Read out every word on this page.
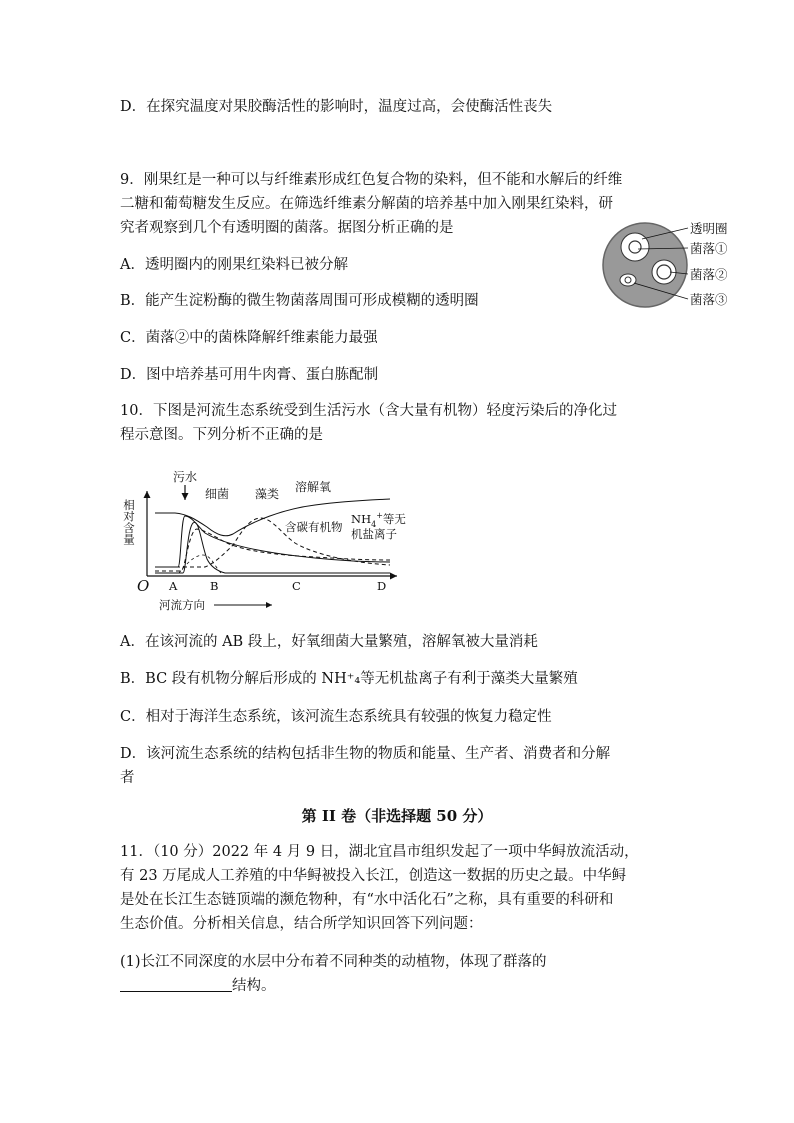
D．在探究温度对果胶酶活性的影响时，温度过高，会使酶活性丧失
9．刚果红是一种可以与纤维素形成红色复合物的染料，但不能和水解后的纤维
二糖和葡萄糖发生反应。在筛选纤维素分解菌的培养基中加入刚果红染料，研
究者观察到几个有透明圈的菌落。据图分析正确的是
A．透明圈内的刚果红染料已被分解
B．能产生淀粉酶的微生物菌落周围可形成模糊的透明圈
C．菌落②中的菌株降解纤维素能力最强
D．图中培养基可用牛肉膏、蛋白胨配制
透明圈
菌落①
菌落②
菌落③
10．下图是河流生态系统受到生活污水（含大量有机物）轻度污染后的净化过
程示意图。下列分析不正确的是
O
相对含量
A	B	C	D
河流方向
污水
细菌 藻类 溶解氧
含碳有机物
$NH_4^+$等无
机盐离子
A．在该河流的 AB 段上，好氧细菌大量繁殖，溶解氧被大量消耗
B．BC 段有机物分解后形成的 NH⁺₄等无机盐离子有利于藻类大量繁殖
C．相对于海洋生态系统，该河流生态系统具有较强的恢复力稳定性
D．该河流生态系统的结构包括非生物的物质和能量、生产者、消费者和分解
者
第 II 卷（非选择题 50 分）
11．（10 分）2022 年 4 月 9 日，湖北宜昌市组织发起了一项中华鲟放流活动，
有 23 万尾成人工养殖的中华鲟被投入长江，创造这一数据的历史之最。中华鲟
是处在长江生态链顶端的濒危物种，有“水中活化石”之称，具有重要的科研和
生态价值。分析相关信息，结合所学知识回答下列问题：
(1)长江不同深度的水层中分布着不同种类的动植物，体现了群落的
结构。
